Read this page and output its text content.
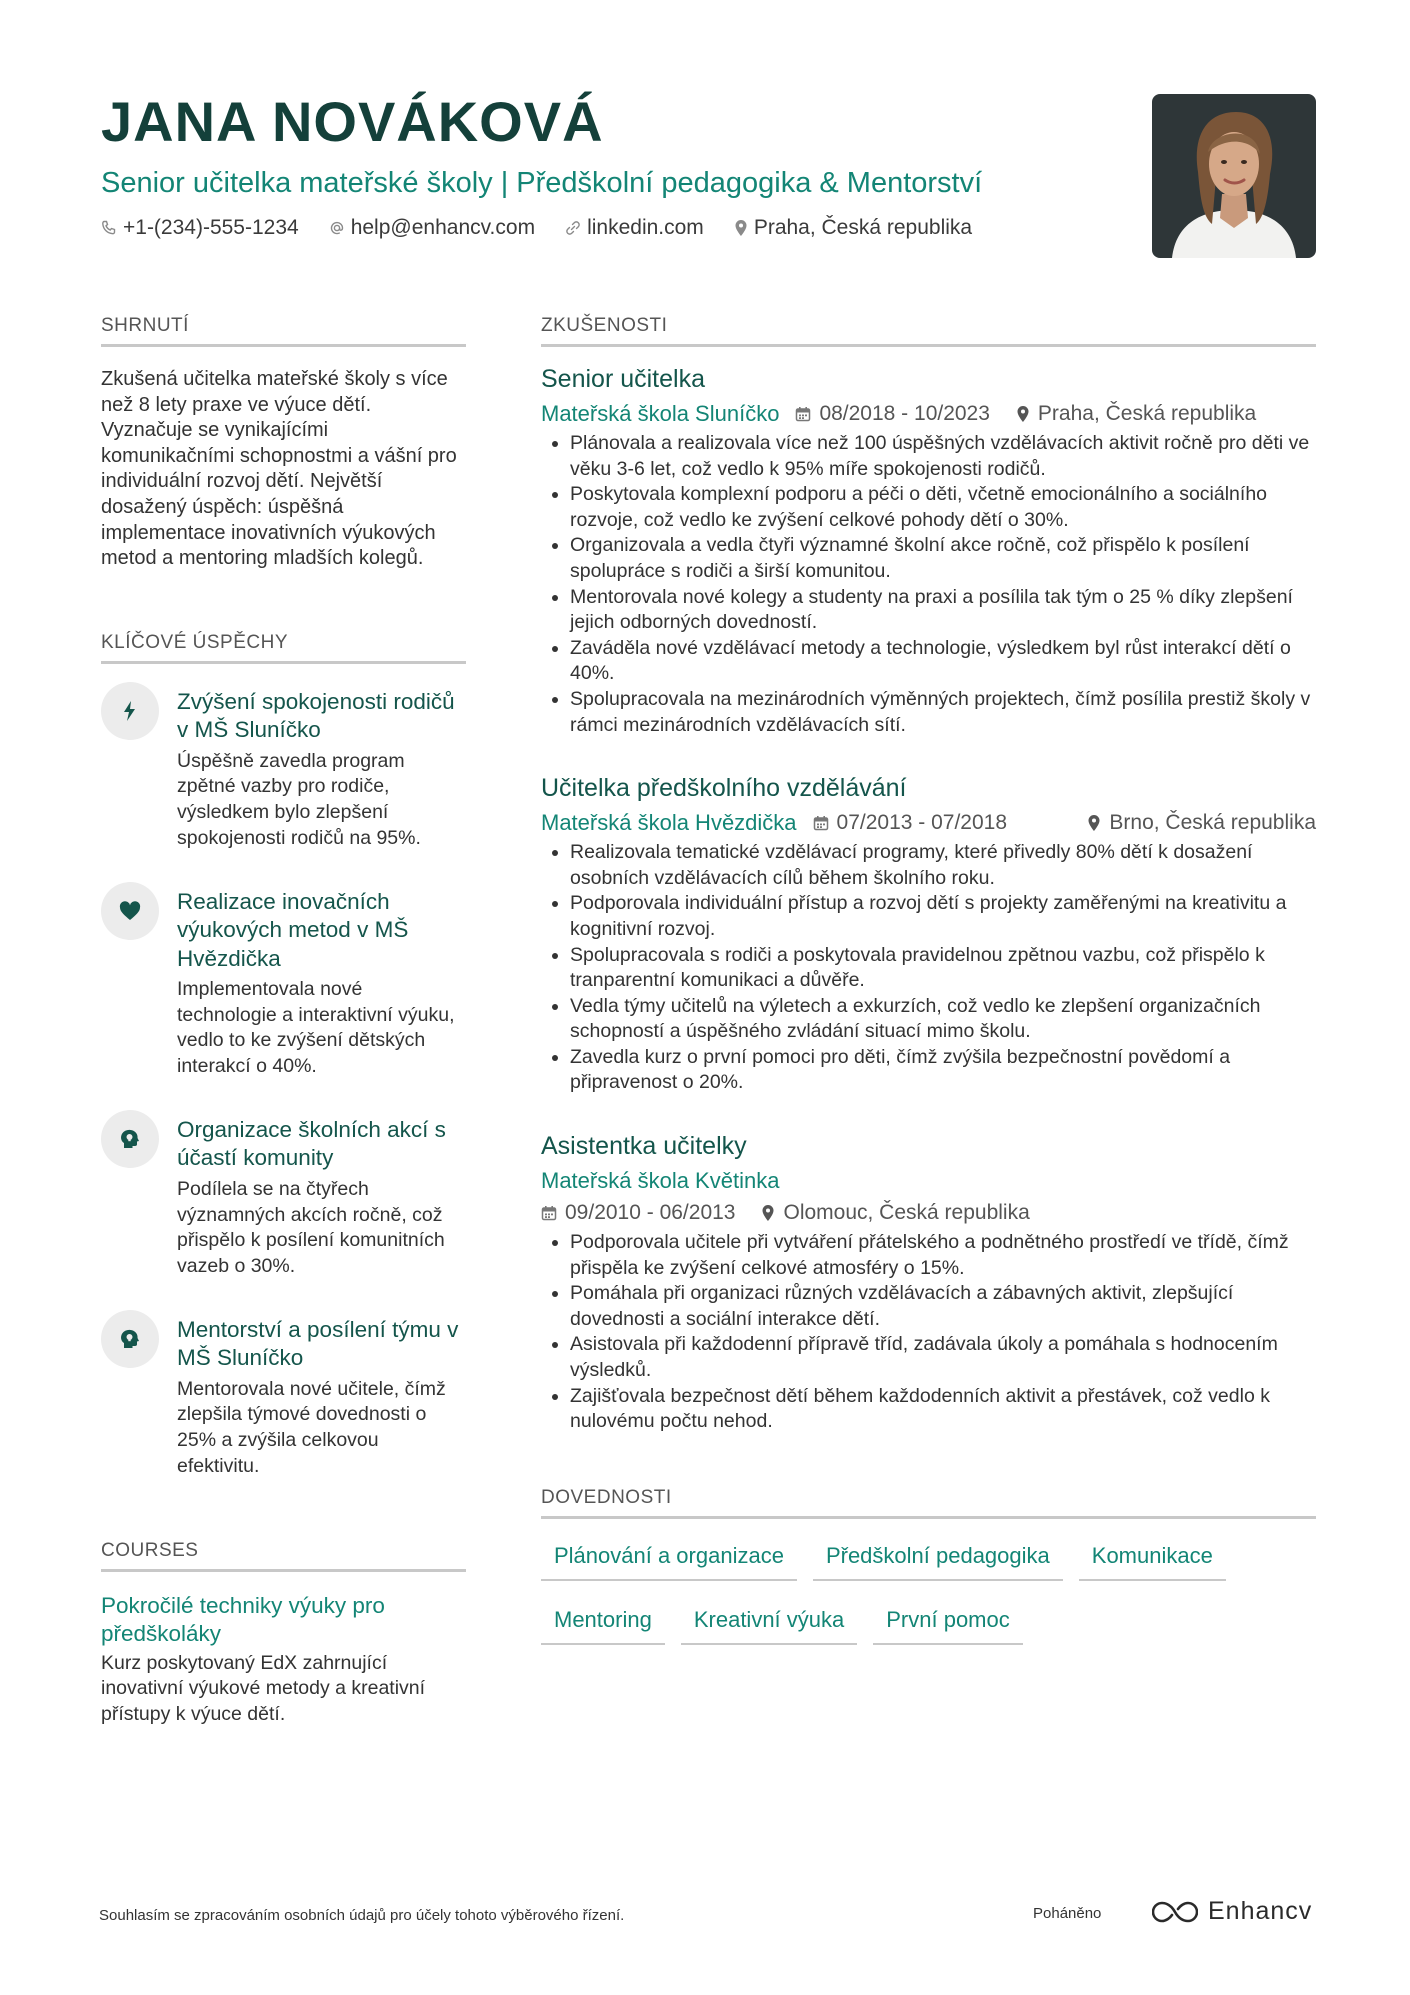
JANA NOVÁKOVÁ
Senior učitelka mateřské školy | Předškolní pedagogika & Mentorství
+1-(234)-555-1234 help@enhancv.com linkedin.com Praha, Česká republika
SHRNUTÍ
Zkušená učitelka mateřské školy s více než 8 lety praxe ve výuce dětí. Vyznačuje se vynikajícími komunikačními schopnostmi a vášní pro individuální rozvoj dětí. Největší dosažený úspěch: úspěšná implementace inovativních výukových metod a mentoring mladších kolegů.
KLÍČOVÉ ÚSPĚCHY
Zvýšení spokojenosti rodičů v MŠ Sluníčko
Úspěšně zavedla program zpětné vazby pro rodiče, výsledkem bylo zlepšení spokojenosti rodičů na 95%.
Realizace inovačních výukových metod v MŠ Hvězdička
Implementovala nové technologie a interaktivní výuku, vedlo to ke zvýšení dětských interakcí o 40%.
Organizace školních akcí s účastí komunity
Podílela se na čtyřech významných akcích ročně, což přispělo k posílení komunitních vazeb o 30%.
Mentorství a posílení týmu v MŠ Sluníčko
Mentorovala nové učitele, čímž zlepšila týmové dovednosti o 25% a zvýšila celkovou efektivitu.
COURSES
Pokročilé techniky výuky pro předškoláky
Kurz poskytovaný EdX zahrnující inovativní výukové metody a kreativní přístupy k výuce dětí.
ZKUŠENOSTI
Senior učitelka
Mateřská škola Sluníčko 08/2018 - 10/2023 Praha, Česká republika
• Plánovala a realizovala více než 100 úspěšných vzdělávacích aktivit ročně pro děti ve věku 3-6 let, což vedlo k 95% míře spokojenosti rodičů.
• Poskytovala komplexní podporu a péči o děti, včetně emocionálního a sociálního rozvoje, což vedlo ke zvýšení celkové pohody dětí o 30%.
• Organizovala a vedla čtyři významné školní akce ročně, což přispělo k posílení spolupráce s rodiči a širší komunitou.
• Mentorovala nové kolegy a studenty na praxi a posílila tak tým o 25 % díky zlepšení jejich odborných dovedností.
• Zaváděla nové vzdělávací metody a technologie, výsledkem byl růst interakcí dětí o 40%.
• Spolupracovala na mezinárodních výměnných projektech, čímž posílila prestiž školy v rámci mezinárodních vzdělávacích sítí.
Učitelka předškolního vzdělávání
Mateřská škola Hvězdička 07/2013 - 07/2018	Brno, Česká republika
• Realizovala tematické vzdělávací programy, které přivedly 80% dětí k dosažení osobních vzdělávacích cílů během školního roku.
• Podporovala individuální přístup a rozvoj dětí s projekty zaměřenými na kreativitu a kognitivní rozvoj.
• Spolupracovala s rodiči a poskytovala pravidelnou zpětnou vazbu, což přispělo k tranparentní komunikaci a důvěře.
• Vedla týmy učitelů na výletech a exkurzích, což vedlo ke zlepšení organizačních schopností a úspěšného zvládání situací mimo školu.
• Zavedla kurz o první pomoci pro děti, čímž zvýšila bezpečnostní povědomí a připravenost o 20%.
Asistentka učitelky
Mateřská škola Květinka
09/2010 - 06/2013 Olomouc, Česká republika
• Podporovala učitele při vytváření přátelského a podnětného prostředí ve třídě, čímž přispěla ke zvýšení celkové atmosféry o 15%.
• Pomáhala při organizaci různých vzdělávacích a zábavných aktivit, zlepšující dovednosti a sociální interakce dětí.
• Asistovala při každodenní přípravě tříd, zadávala úkoly a pomáhala s hodnocením výsledků.
• Zajišťovala bezpečnost dětí během každodenních aktivit a přestávek, což vedlo k nulovému počtu nehod.
DOVEDNOSTI
Plánování a organizace	Předškolní pedagogika	Komunikace
Mentoring	Kreativní výuka	První pomoc
Souhlasím se zpracováním osobních údajů pro účely tohoto výběrového řízení.	Poháněno	Enhancv
